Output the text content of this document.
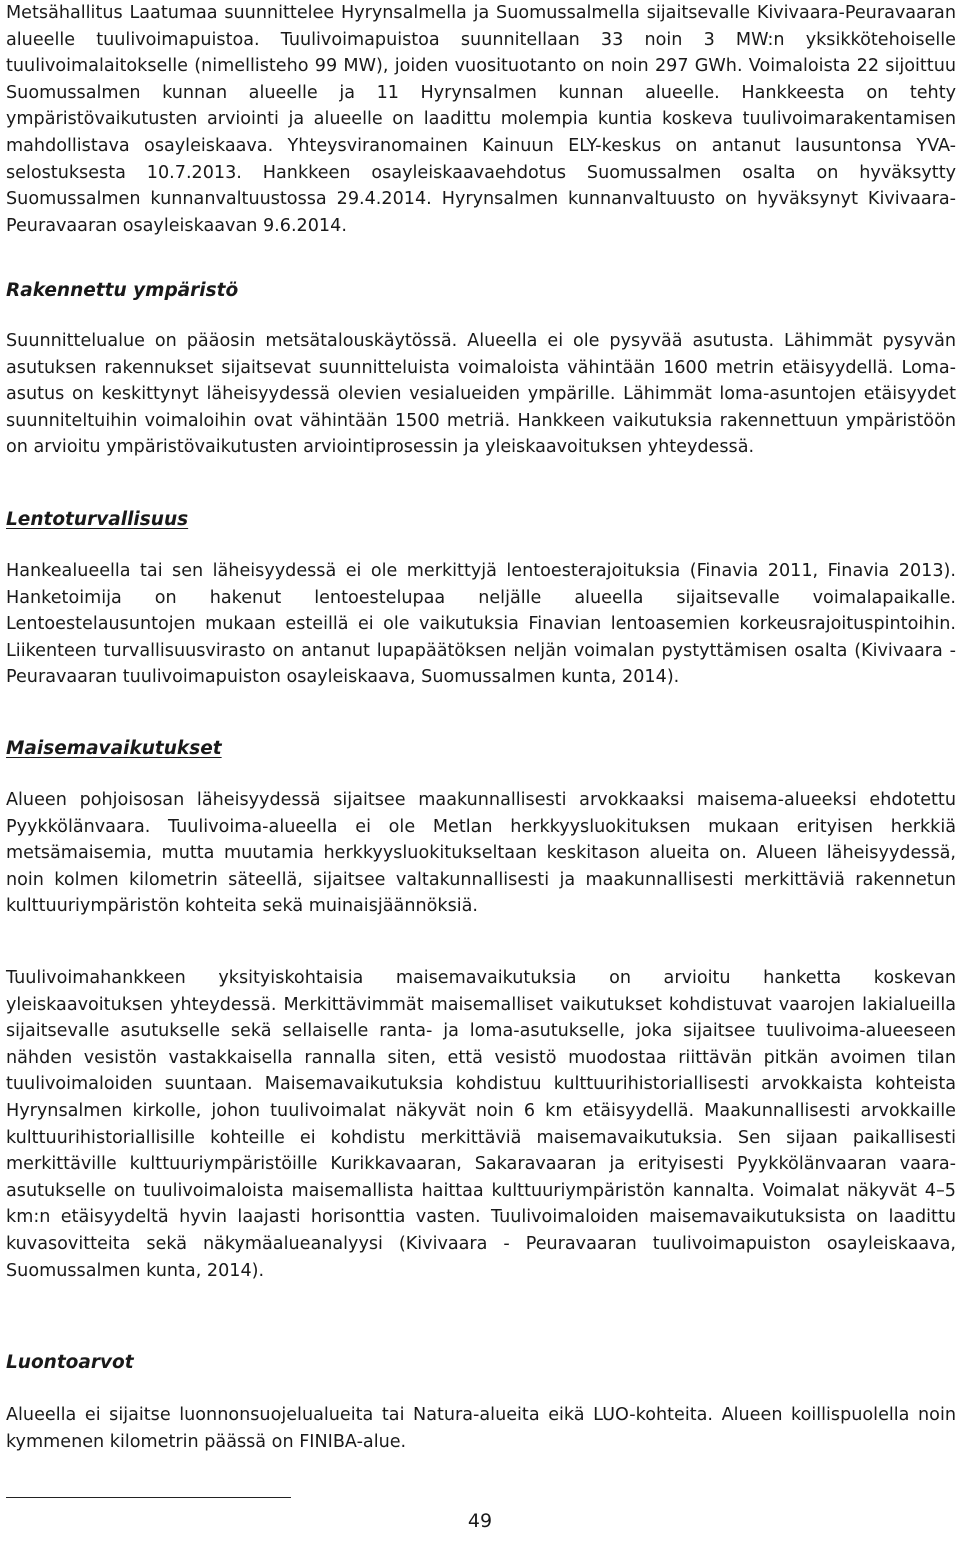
Metsähallitus Laatumaa suunnittelee Hyrynsalmella ja Suomussalmella sijaitsevalle Kivivaara-Peuravaaran alueelle tuulivoimapuistoa. Tuulivoimapuistoa suunnitellaan 33 noin 3 MW:n yksikkötehoiselle tuulivoimalaitokselle (nimellisteho 99 MW), joiden vuosituotanto on noin 297 GWh. Voimaloista 22 sijoittuu Suomussalmen kunnan alueelle ja 11 Hyrynsalmen kunnan alueelle. Hankkeesta on tehty ympäristövaikutusten arviointi ja alueelle on laadittu molempia kuntia koskeva tuulivoimarakentamisen mahdollistava osayleiskaava. Yhteysviranomainen Kainuun ELY-keskus on antanut lausuntonsa YVA-selostuksesta 10.7.2013. Hankkeen osayleiskaavaehdotus Suomussalmen osalta on hyväksytty Suomussalmen kunnanvaltuustossa 29.4.2014. Hyrynsalmen kunnanvaltuusto on hyväksynyt Kivivaara-Peuravaaran osayleiskaavan 9.6.2014.

Rakennettu ympäristö

Suunnittelualue on pääosin metsätalouskäytössä. Alueella ei ole pysyvää asutusta. Lähimmät pysyvän asutuksen rakennukset sijaitsevat suunnitteluista voimaloista vähintään 1600 metrin etäisyydellä. Loma-asutus on keskittynyt läheisyydessä olevien vesialueiden ympärille. Lähimmät loma-asuntojen etäisyydet suunniteltuihin voimaloihin ovat vähintään 1500 metriä. Hankkeen vaikutuksia rakennettuun ympäristöön on arvioitu ympäristövaikutusten arviointiprosessin ja yleiskaavoituksen yhteydessä.

Lentoturvallisuus

Hankealueella tai sen läheisyydessä ei ole merkittyjä lentoesterajoituksia (Finavia 2011, Finavia 2013). Hanketoimija on hakenut lentoestelupaa neljälle alueella sijaitsevalle voimalapaikalle. Lentoestelausuntojen mukaan esteillä ei ole vaikutuksia Finavian lentoasemien korkeusrajoituspintoihin. Liikenteen turvallisuusvirasto on antanut lupapäätöksen neljän voimalan pystyttämisen osalta (Kivivaara - Peuravaaran tuulivoimapuiston osayleiskaava, Suomussalmen kunta, 2014).

Maisemavaikutukset

Alueen pohjoisosan läheisyydessä sijaitsee maakunnallisesti arvokkaaksi maisema-alueeksi ehdotettu Pyykkölänvaara. Tuulivoima-alueella ei ole Metlan herkkyysluokituksen mukaan erityisen herkkiä metsämaisemia, mutta muutamia herkkyysluokitukseltaan keskitason alueita on. Alueen läheisyydessä, noin kolmen kilometrin säteellä, sijaitsee valtakunnallisesti ja maakunnallisesti merkittäviä rakennetun kulttuuriympäristön kohteita sekä muinaisjäännöksiä.

Tuulivoimahankkeen yksityiskohtaisia maisemavaikutuksia on arvioitu hanketta koskevan yleiskaavoituksen yhteydessä. Merkittävimmät maisemalliset vaikutukset kohdistuvat vaarojen lakialueilla sijaitsevalle asutukselle sekä sellaiselle ranta- ja loma-asutukselle, joka sijaitsee tuulivoima-alueeseen nähden vesistön vastakkaisella rannalla siten, että vesistö muodostaa riittävän pitkän avoimen tilan tuulivoimaloiden suuntaan. Maisemavaikutuksia kohdistuu kulttuurihistoriallisesti arvokkaista kohteista Hyrynsalmen kirkolle, johon tuulivoimalat näkyvät noin 6 km etäisyydellä. Maakunnallisesti arvokkaille kulttuurihistoriallisille kohteille ei kohdistu merkittäviä maisemavaikutuksia. Sen sijaan paikallisesti merkittäville kulttuuriympäristöille Kurikkavaaran, Sakaravaaran ja erityisesti Pyykkölänvaaran vaara-asutukselle on tuulivoimaloista maisemallista haittaa kulttuuriympäristön kannalta. Voimalat näkyvät 4–5 km:n etäisyydeltä hyvin laajasti horisonttia vasten. Tuulivoimaloiden maisemavaikutuksista on laadittu kuvasovitteita sekä näkymäalueanalyysi (Kivivaara - Peuravaaran tuulivoimapuiston osayleiskaava, Suomussalmen kunta, 2014).

Luontoarvot

Alueella ei sijaitse luonnonsuojelualueita tai Natura-alueita eikä LUO-kohteita. Alueen koillispuolella noin kymmenen kilometrin päässä on FINIBA-alue.

49
